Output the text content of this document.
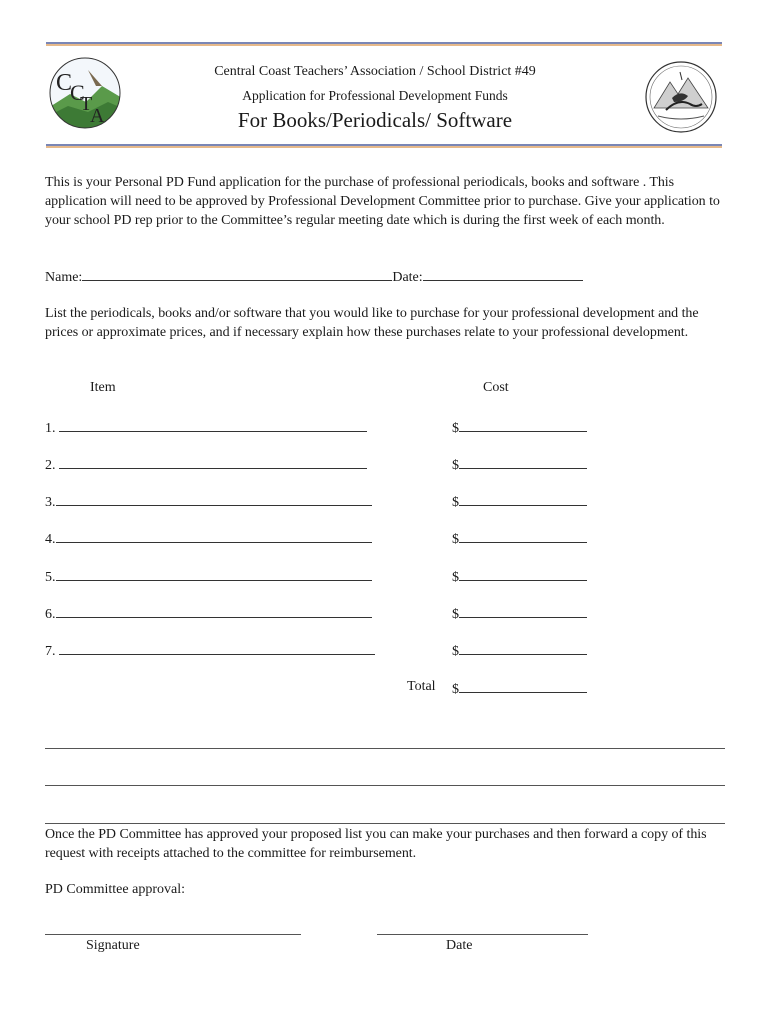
C
C
T
A
Central Coast Teachers’ Association / School District #49
Application for Professional Development Funds
For Books/Periodicals/ Software
This is your Personal PD Fund application for the purchase of professional periodicals, books and software . This application will need to be approved by Professional Development Committee prior to purchase. Give your application to your school PD rep prior to the Committee’s regular meeting date which is during the first week of each month.
Name:	Date:
List the periodicals, books and/or software that you would like to purchase for your professional development and the prices or approximate prices, and if necessary explain how these purchases relate to your professional development.
Item	Cost
1.	$
2.	$
3.	$
4.	$
5.	$
6.	$
7.	$
Total $
Once the PD Committee has approved your proposed list you can make your purchases and then forward a copy of this request with receipts attached to the committee for reimbursement.
PD Committee approval:
Signature	Date
